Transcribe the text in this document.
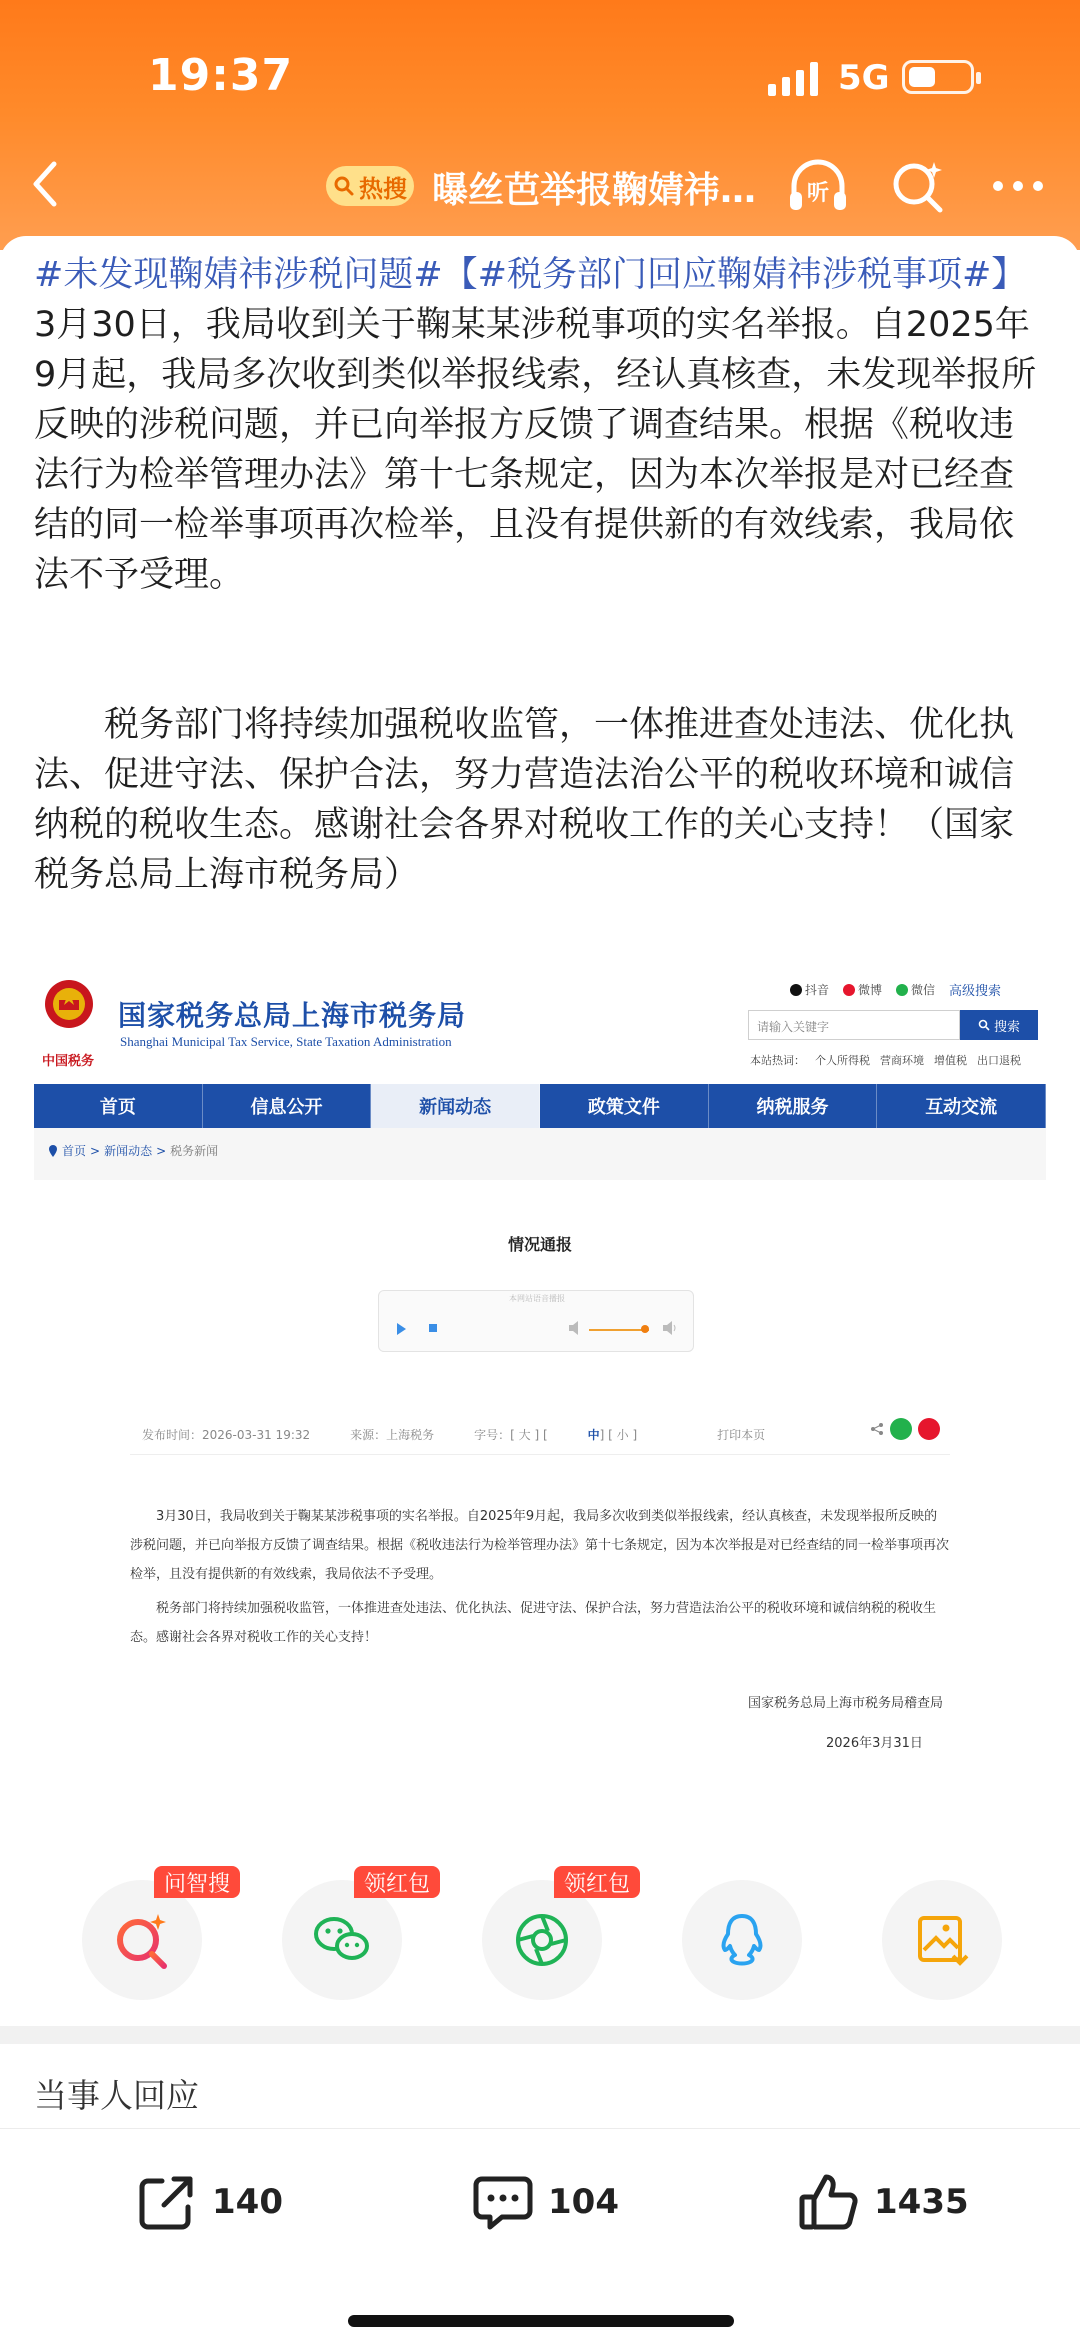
19:37	5G
热搜 曝丝芭举报鞠婧祎… 听
#未发现鞠婧祎涉税问题#【#税务部门回应鞠婧祎涉税事项#】3月30日，我局收到关于鞠某某涉税事项的实名举报。自2025年9月起，我局多次收到类似举报线索，经认真核查，未发现举报所反映的涉税问题，并已向举报方反馈了调查结果。根据《税收违法行为检举管理办法》第十七条规定，因为本次举报是对已经查结的同一检举事项再次检举，且没有提供新的有效线索，我局依法不予受理。
税务部门将持续加强税收监管，一体推进查处违法、优化执法、促进守法、保护合法，努力营造法治公平的税收环境和诚信纳税的税收生态。感谢社会各界对税收工作的关心支持！（国家税务总局上海市税务局）
中国税务
国家税务总局上海市税务局
Shanghai Municipal Tax Service, State Taxation Administration
抖音	微博	微信 高级搜索
请输入关键字	搜索
本站热词： 个人所得税 营商环境 增值税 出口退税
首页	信息公开	新闻动态	政策文件	纳税服务	互动交流
首页 > 新闻动态 > 税务新闻
情况通报
本网站语音播报
发布时间：2026-03-31 19:32	来源：上海税务	字号：[ 大 ] [	中] [ 小 ]	打印本页
3月30日，我局收到关于鞠某某涉税事项的实名举报。自2025年9月起，我局多次收到类似举报线索，经认真核查，未发现举报所反映的涉税问题，并已向举报方反馈了调查结果。根据《税收违法行为检举管理办法》第十七条规定，因为本次举报是对已经查结的同一检举事项再次检举，且没有提供新的有效线索，我局依法不予受理。
税务部门将持续加强税收监管，一体推进查处违法、优化执法、促进守法、保护合法，努力营造法治公平的税收环境和诚信纳税的税收生态。感谢社会各界对税收工作的关心支持！
国家税务总局上海市税务局稽查局
2026年3月31日
问智搜	领红包	领红包
当事人回应
140	104	1435
